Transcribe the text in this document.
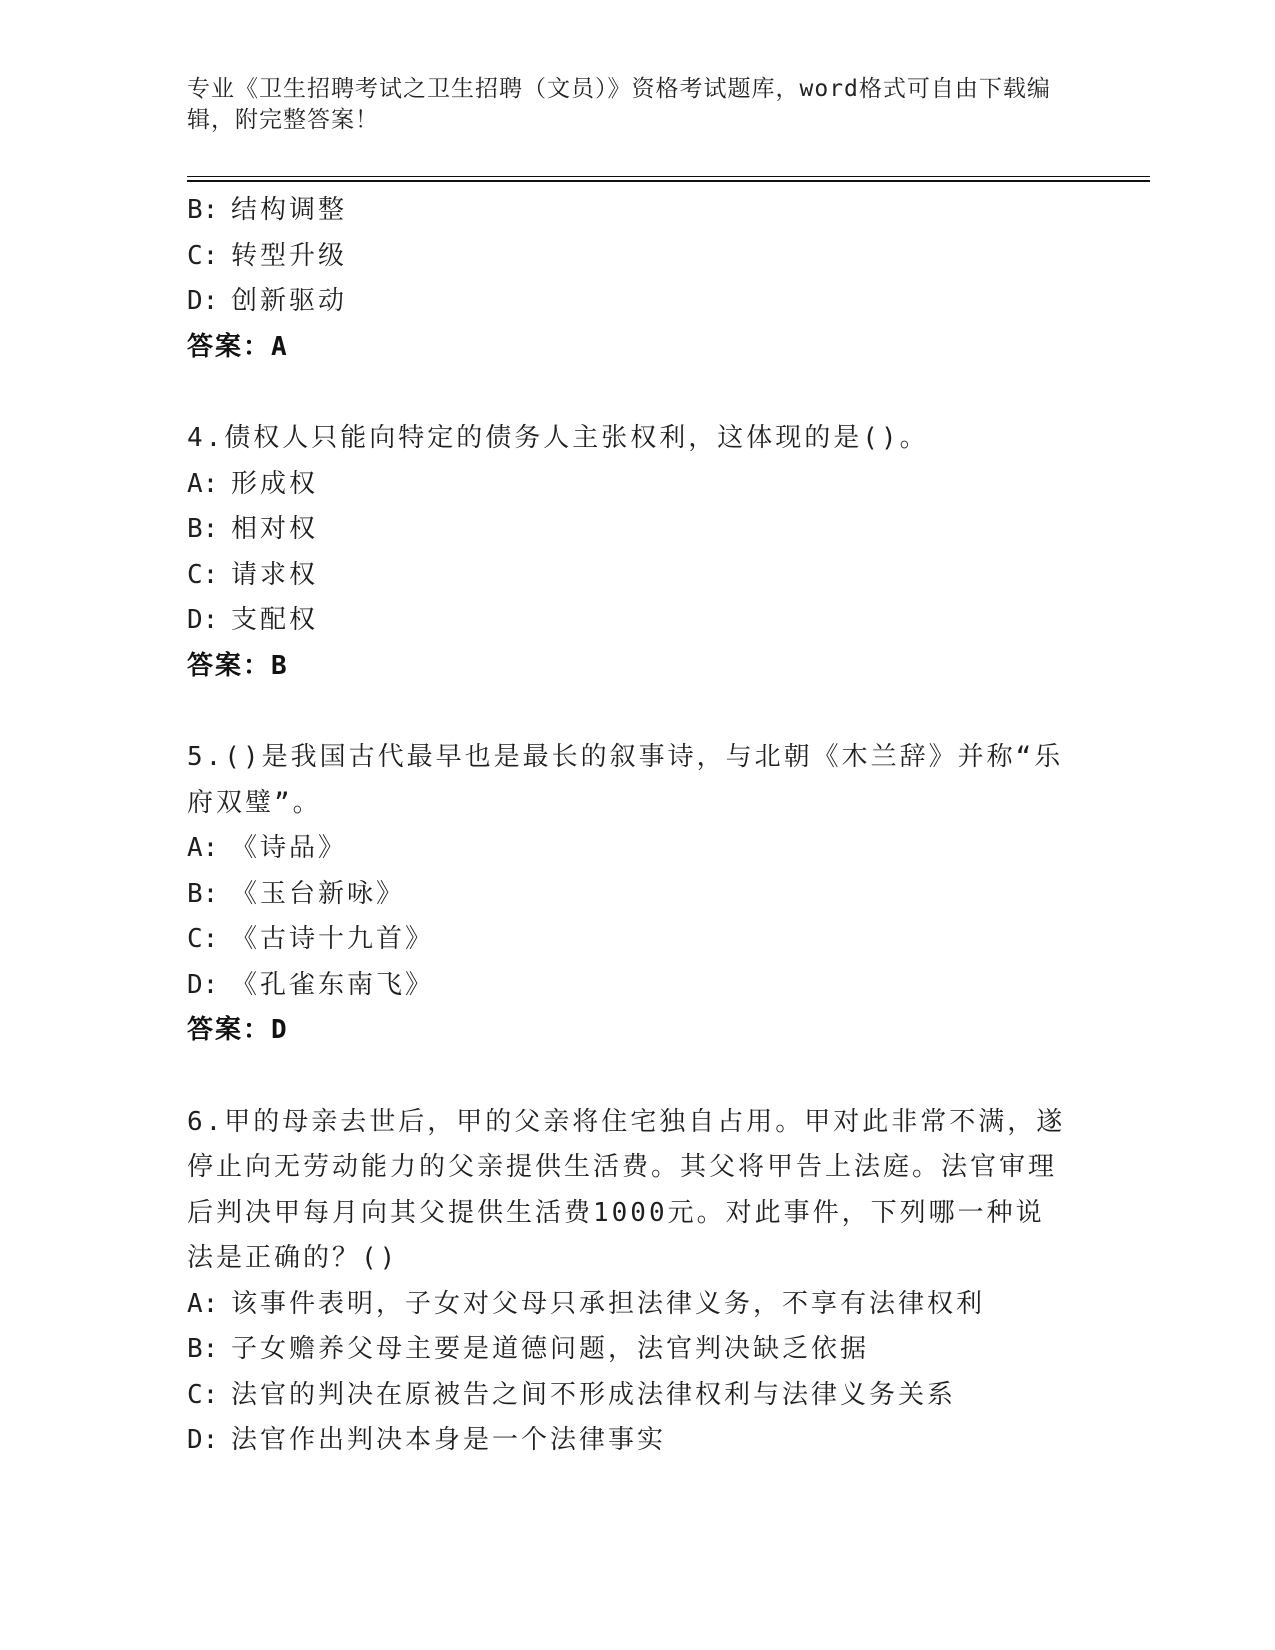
专业《卫生招聘考试之卫生招聘（文员）》资格考试题库，word格式可自由下载编辑，附完整答案！
B: 结构调整
C: 转型升级
D: 创新驱动
答案：A
4.债权人只能向特定的债务人主张权利，这体现的是()。
A: 形成权
B: 相对权
C: 请求权
D: 支配权
答案：B
5.()是我国古代最早也是最长的叙事诗，与北朝《木兰辞》并称“乐府双璧”。
A: 《诗品》
B: 《玉台新咏》
C: 《古诗十九首》
D: 《孔雀东南飞》
答案：D
6.甲的母亲去世后，甲的父亲将住宅独自占用。甲对此非常不满，遂停止向无劳动能力的父亲提供生活费。其父将甲告上法庭。法官审理后判决甲每月向其父提供生活费1000元。对此事件，下列哪一种说法是正确的？()
A: 该事件表明，子女对父母只承担法律义务，不享有法律权利
B: 子女赡养父母主要是道德问题，法官判决缺乏依据
C: 法官的判决在原被告之间不形成法律权利与法律义务关系
D: 法官作出判决本身是一个法律事实
